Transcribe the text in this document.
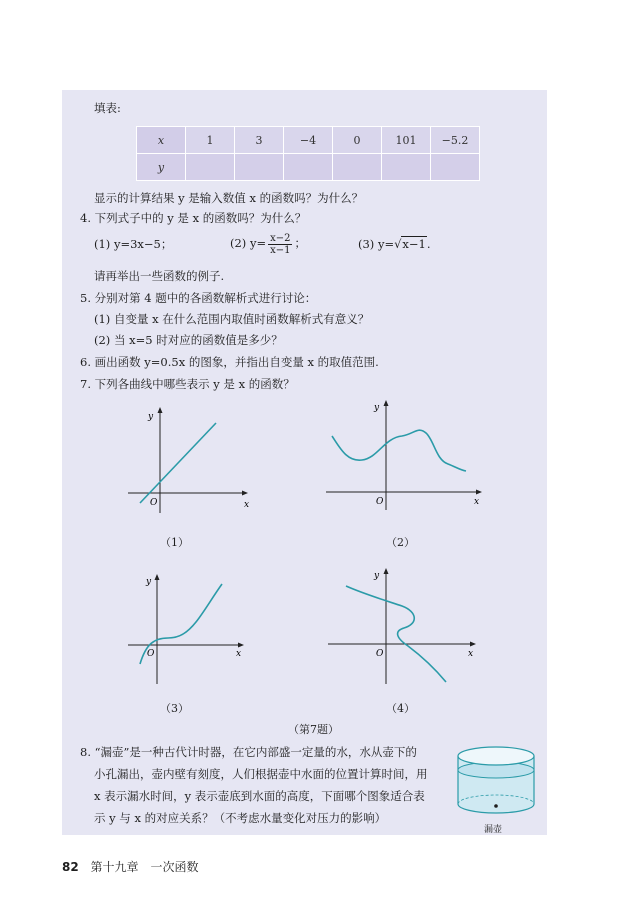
填表:
x	1	3	−4	0	101	−5.2
y						
显示的计算结果 y 是输入数值 x 的函数吗？为什么？
4. 下列式子中的 y 是 x 的函数吗？为什么？
(1) y=3x−5；	(2) $y= \frac{x-2}{x-1}$ ；	(3) y=√x−1.
请再举出一些函数的例子.
5. 分别对第 4 题中的各函数解析式进行讨论：
(1) 自变量 x 在什么范围内取值时函数解析式有意义？
(2) 当 x=5 时对应的函数值是多少？
6. 画出函数 y=0.5x 的图象，并指出自变量 x 的取值范围.
7. 下列各曲线中哪些表示 y 是 x 的函数？
O	x
y
（1）
O	x
y
（2）
O	x
y
（3）
O	x
y
（4）
（第7题）
8. “漏壶”是一种古代计时器，在它内部盛一定量的水，水从壶下的
小孔漏出，壶内壁有刻度，人们根据壶中水面的位置计算时间，用
x 表示漏水时间，y 表示壶底到水面的高度，下面哪个图象适合表
示 y 与 x 的对应关系？（不考虑水量变化对压力的影响）
漏壶
82 第十九章　一次函数
